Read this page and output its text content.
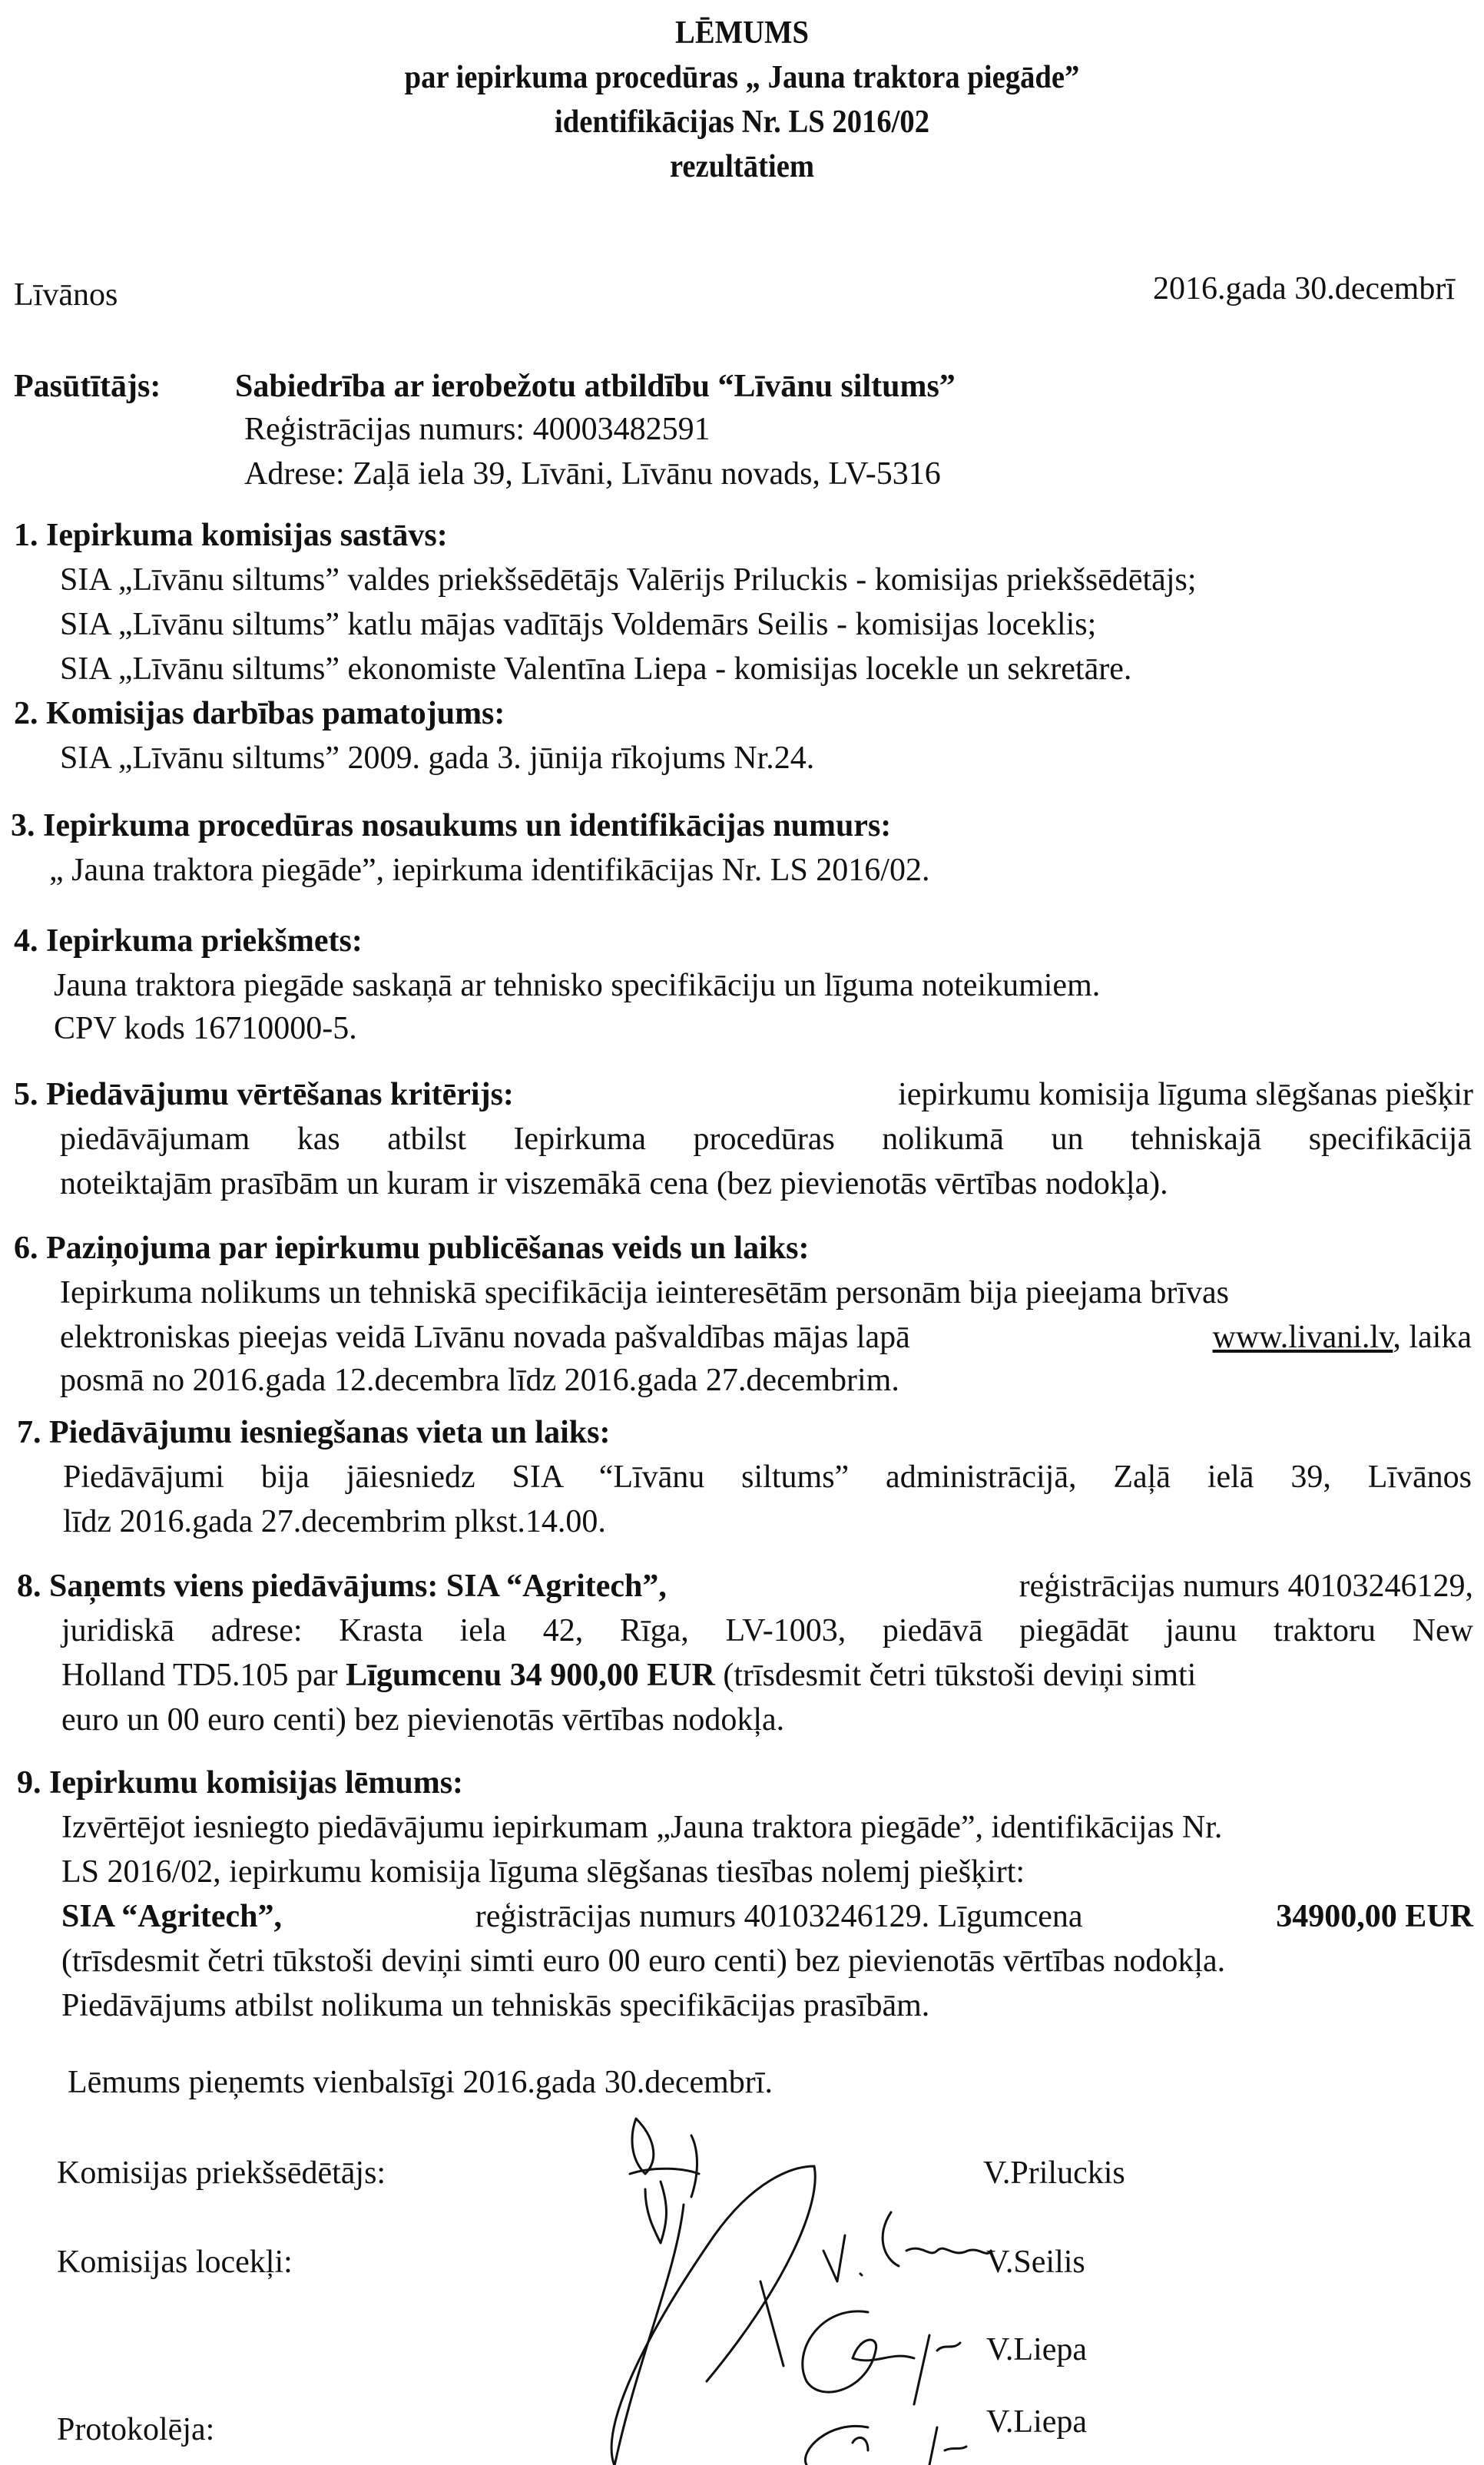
LĒMUMS
par iepirkuma procedūras „ Jauna traktora piegāde”
identifikācijas Nr. LS 2016/02
rezultātiem
Līvānos	2016.gada 30.decembrī
Pasūtītājs: Sabiedrība ar ierobežotu atbildību “Līvānu siltums”
Reģistrācijas numurs: 40003482591
Adrese: Zaļā iela 39, Līvāni, Līvānu novads, LV-5316
1. Iepirkuma komisijas sastāvs:
SIA „Līvānu siltums” valdes priekšsēdētājs Valērijs Priluckis - komisijas priekšsēdētājs;
SIA „Līvānu siltums” katlu mājas vadītājs Voldemārs Seilis - komisijas loceklis;
SIA „Līvānu siltums” ekonomiste Valentīna Liepa - komisijas locekle un sekretāre.
2. Komisijas darbības pamatojums:
SIA „Līvānu siltums” 2009. gada 3. jūnija rīkojums Nr.24.
3. Iepirkuma procedūras nosaukums un identifikācijas numurs:
„ Jauna traktora piegāde”, iepirkuma identifikācijas Nr. LS 2016/02.
4. Iepirkuma priekšmets:
Jauna traktora piegāde saskaņā ar tehnisko specifikāciju un līguma noteikumiem.
CPV kods 16710000-5.
5. Piedāvājumu vērtēšanas kritērijs:	iepirkumu komisija līguma slēgšanas piešķir
piedāvājumam kas atbilst Iepirkuma procedūras nolikumā un tehniskajā specifikācijā
noteiktajām prasībām un kuram ir viszemākā cena (bez pievienotās vērtības nodokļa).
6. Paziņojuma par iepirkumu publicēšanas veids un laiks:
Iepirkuma nolikums un tehniskā specifikācija ieinteresētām personām bija pieejama brīvas
elektroniskas pieejas veidā Līvānu novada pašvaldības mājas lapā	www.livani.lv, laika
posmā no 2016.gada 12.decembra līdz 2016.gada 27.decembrim.
7. Piedāvājumu iesniegšanas vieta un laiks:
Piedāvājumi bija jāiesniedz SIA “Līvānu siltums” administrācijā, Zaļā ielā 39, Līvānos
līdz 2016.gada 27.decembrim plkst.14.00.
8. Saņemts viens piedāvājums: SIA “Agritech”,	reģistrācijas numurs 40103246129,
juridiskā adrese: Krasta iela 42, Rīga, LV-1003, piedāvā piegādāt jaunu traktoru New
Holland TD5.105 par Līgumcenu 34 900,00 EUR (trīsdesmit četri tūkstoši deviņi simti
euro un 00 euro centi) bez pievienotās vērtības nodokļa.
9. Iepirkumu komisijas lēmums:
Izvērtējot iesniegto piedāvājumu iepirkumam „Jauna traktora piegāde”, identifikācijas Nr.
LS 2016/02, iepirkumu komisija līguma slēgšanas tiesības nolemj piešķirt:
SIA “Agritech”,	reģistrācijas numurs 40103246129. Līgumcena	34900,00 EUR
(trīsdesmit četri tūkstoši deviņi simti euro 00 euro centi) bez pievienotās vērtības nodokļa.
Piedāvājums atbilst nolikuma un tehniskās specifikācijas prasībām.
Lēmums pieņemts vienbalsīgi 2016.gada 30.decembrī.
Komisijas priekšsēdētājs:	V.Priluckis
Komisijas locekļi:	V.Seilis
V.Liepa
Protokolēja:	V.Liepa
